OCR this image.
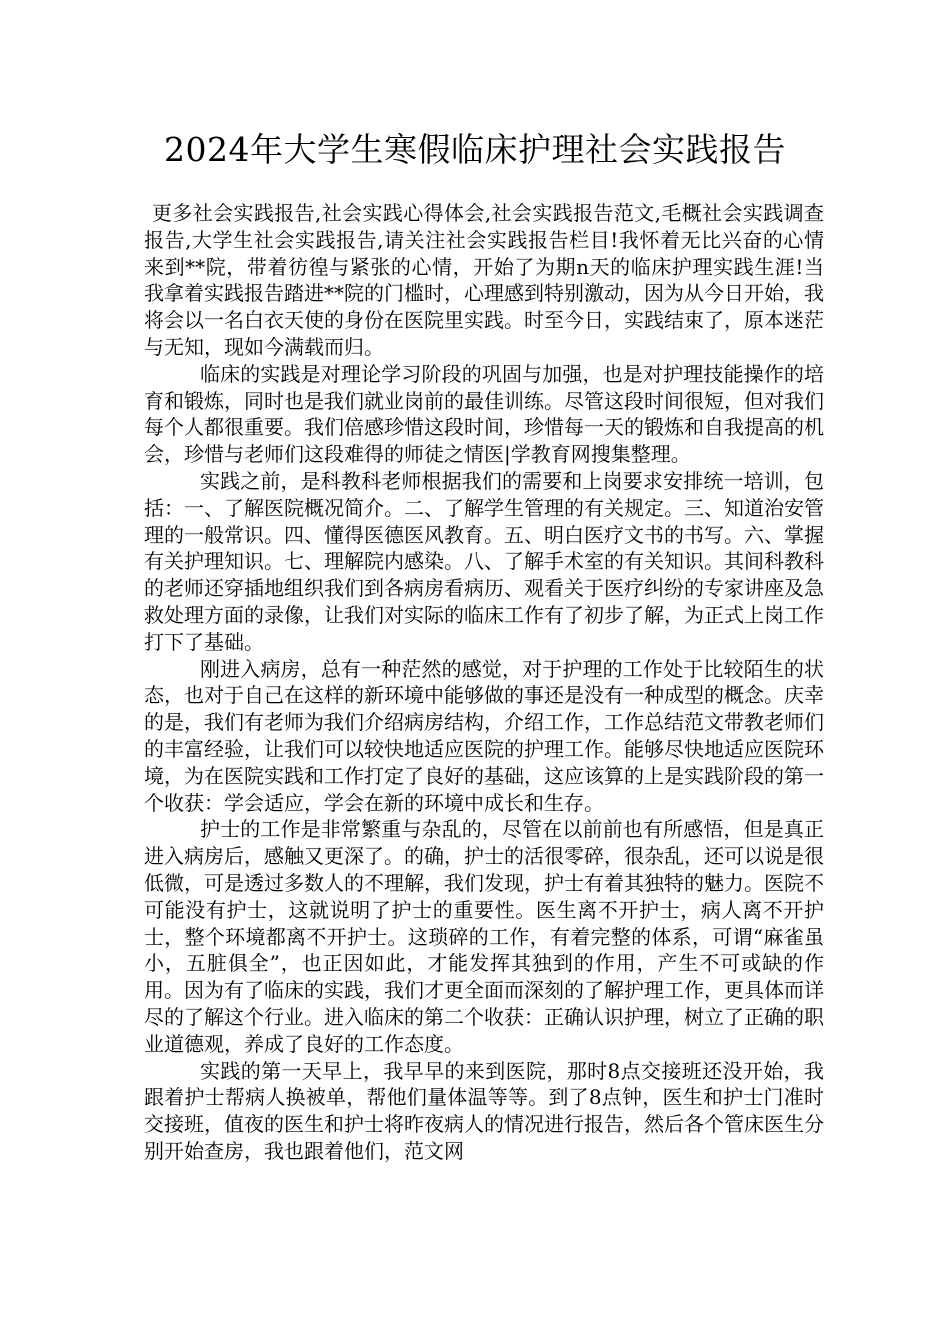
2024年大学生寒假临床护理社会实践报告

更多社会实践报告,社会实践心得体会,社会实践报告范文,毛概社会实践调查报告,大学生社会实践报告,请关注社会实践报告栏目!我怀着无比兴奋的心情来到**院，带着彷徨与紧张的心情，开始了为期n天的临床护理实践生涯!当我拿着实践报告踏进**院的门槛时，心理感到特别激动，因为从今日开始，我将会以一名白衣天使的身份在医院里实践。时至今日，实践结束了，原本迷茫与无知，现如今满载而归。

临床的实践是对理论学习阶段的巩固与加强，也是对护理技能操作的培育和锻炼，同时也是我们就业岗前的最佳训练。尽管这段时间很短，但对我们每个人都很重要。我们倍感珍惜这段时间，珍惜每一天的锻炼和自我提高的机会，珍惜与老师们这段难得的师徒之情医|学教育网搜集整理。

实践之前，是科教科老师根据我们的需要和上岗要求安排统一培训，包括：一、了解医院概况简介。二、了解学生管理的有关规定。三、知道治安管理的一般常识。四、懂得医德医风教育。五、明白医疗文书的书写。六、掌握有关护理知识。七、理解院内感染。八、了解手术室的有关知识。其间科教科的老师还穿插地组织我们到各病房看病历、观看关于医疗纠纷的专家讲座及急救处理方面的录像，让我们对实际的临床工作有了初步了解，为正式上岗工作打下了基础。

刚进入病房，总有一种茫然的感觉，对于护理的工作处于比较陌生的状态，也对于自己在这样的新环境中能够做的事还是没有一种成型的概念。庆幸的是，我们有老师为我们介绍病房结构，介绍工作，工作总结范文带教老师们的丰富经验，让我们可以较快地适应医院的护理工作。能够尽快地适应医院环境，为在医院实践和工作打定了良好的基础，这应该算的上是实践阶段的第一个收获：学会适应，学会在新的环境中成长和生存。

护士的工作是非常繁重与杂乱的，尽管在以前前也有所感悟，但是真正进入病房后，感触又更深了。的确，护士的活很零碎，很杂乱，还可以说是很低微，可是透过多数人的不理解，我们发现，护士有着其独特的魅力。医院不可能没有护士，这就说明了护士的重要性。医生离不开护士，病人离不开护士，整个环境都离不开护士。这琐碎的工作，有着完整的体系，可谓“麻雀虽小，五脏俱全”，也正因如此，才能发挥其独到的作用，产生不可或缺的作用。因为有了临床的实践，我们才更全面而深刻的了解护理工作，更具体而详尽的了解这个行业。进入临床的第二个收获：正确认识护理，树立了正确的职业道德观，养成了良好的工作态度。

实践的第一天早上，我早早的来到医院，那时8点交接班还没开始，我跟着护士帮病人换被单，帮他们量体温等等。到了8点钟，医生和护士门准时交接班，值夜的医生和护士将昨夜病人的情况进行报告，然后各个管床医生分别开始查房，我也跟着他们，范文网
